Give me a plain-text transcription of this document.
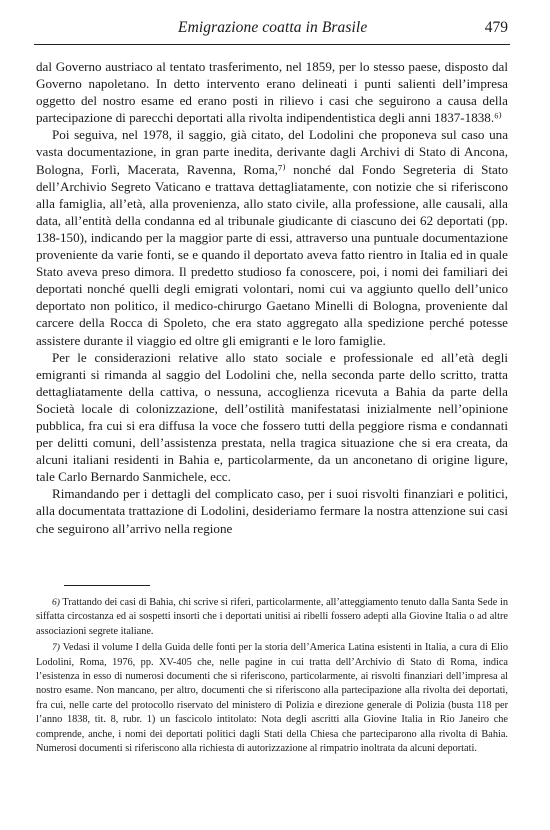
Emigrazione coatta in Brasile	479

dal Governo austriaco al tentato trasferimento, nel 1859, per lo stesso paese, disposto dal Governo napoletano. In detto intervento erano delineati i punti salienti dell’impresa oggetto del nostro esame ed erano posti in rilievo i casi che seguirono a causa della partecipazione di parecchi deportati alla rivolta indipendentistica degli anni 1837-1838.⁶⁾

Poi seguiva, nel 1978, il saggio, già citato, del Lodolini che proponeva sul caso una vasta documentazione, in gran parte inedita, derivante dagli Archivi di Stato di Ancona, Bologna, Forlì, Macerata, Ravenna, Roma,⁷⁾ nonché dal Fondo Segreteria di Stato dell’Archivio Segreto Vaticano e trattava dettagliatamente, con notizie che si riferiscono alla famiglia, all’età, alla provenienza, allo stato civile, alla professione, alle causali, alla data, all’entità della condanna ed al tribunale giudicante di ciascuno dei 62 deportati (pp. 138-150), indicando per la maggior parte di essi, attraverso una puntuale documentazione proveniente da varie fonti, se e quando il deportato aveva fatto rientro in Italia ed in quale Stato aveva preso dimora. Il predetto studioso fa conoscere, poi, i nomi dei familiari dei deportati nonché quelli degli emigrati volontari, nomi cui va aggiunto quello dell’unico deportato non politico, il medico-chirurgo Gaetano Minelli di Bologna, proveniente dal carcere della Rocca di Spoleto, che era stato aggregato alla spedizione perché potesse assistere durante il viaggio ed oltre gli emigranti e le loro famiglie.

Per le considerazioni relative allo stato sociale e professionale ed all’età degli emigranti si rimanda al saggio del Lodolini che, nella seconda parte dello scritto, tratta dettagliatamente della cattiva, o nessuna, accoglienza ricevuta a Bahia da parte della Società locale di colonizzazione, dell’ostilità manifestatasi inizialmente nell’opinione pubblica, fra cui si era diffusa la voce che fossero tutti della peggiore risma e condannati per delitti comuni, dell’assistenza prestata, nella tragica situazione che si era creata, da alcuni italiani residenti in Bahia e, particolarmente, da un anconetano di origine ligure, tale Carlo Bernardo Sanmichele, ecc.

Rimandando per i dettagli del complicato caso, per i suoi risvolti finanziari e politici, alla documentata trattazione di Lodolini, desideriamo fermare la nostra attenzione sui casi che seguirono all’arrivo nella regione

6) Trattando dei casi di Bahia, chi scrive si riferì, particolarmente, all’atteggiamento tenuto dalla Santa Sede in siffatta circostanza ed ai sospetti insorti che i deportati unitisi ai ribelli fossero adepti alla Giovine Italia o ad altre associazioni segrete italiane.

7) Vedasi il volume I della Guida delle fonti per la storia dell’America Latina esistenti in Italia, a cura di Elio Lodolini, Roma, 1976, pp. XV-405 che, nelle pagine in cui tratta dell’Archivio di Stato di Roma, indica l’esistenza in esso di numerosi documenti che si riferiscono, particolarmente, ai risvolti finanziari dell’impresa al nostro esame. Non mancano, per altro, documenti che si riferiscono alla partecipazione alla rivolta dei deportati, fra cui, nelle carte del protocollo riservato del ministero di Polizia e direzione generale di Polizia (busta 118 per l’anno 1838, tit. 8, rubr. 1) un fascicolo intitolato: Nota degli ascritti alla Giovine Italia in Rio Janeiro che comprende, anche, i nomi dei deportati politici dagli Stati della Chiesa che parteciparono alla rivolta di Bahia. Numerosi documenti si riferiscono alla richiesta di autorizzazione al rimpatrio inoltrata da alcuni deportati.
